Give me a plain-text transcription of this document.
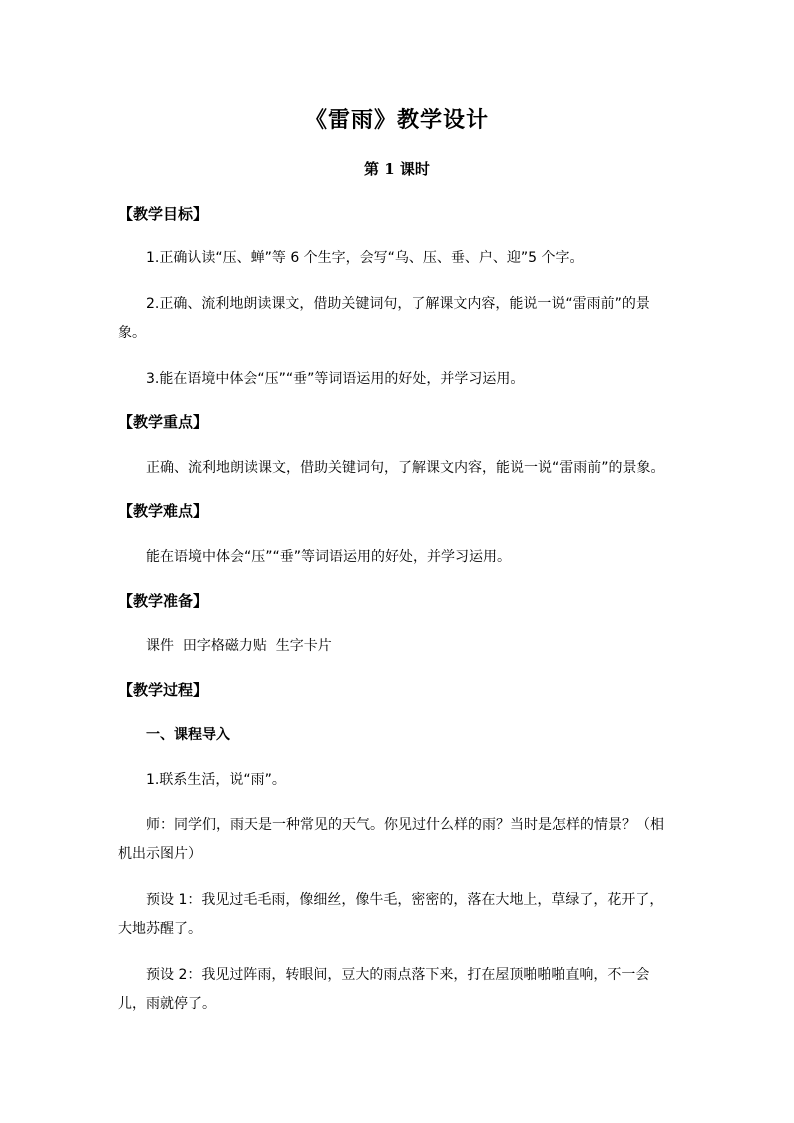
《雷雨》教学设计
第 1 课时
【教学目标】
1.正确认读“压、蝉”等 6 个生字，会写“乌、压、垂、户、迎”5 个字。
2.正确、流利地朗读课文，借助关键词句，了解课文内容，能说一说“雷雨前”的景
象。
3.能在语境中体会“压”“垂”等词语运用的好处，并学习运用。
【教学重点】
正确、流利地朗读课文，借助关键词句，了解课文内容，能说一说“雷雨前”的景象。
【教学难点】
能在语境中体会“压”“垂”等词语运用的好处，并学习运用。
【教学准备】
课件  田字格磁力贴  生字卡片
【教学过程】
一、课程导入
1.联系生活，说“雨”。
师：同学们，雨天是一种常见的天气。你见过什么样的雨？当时是怎样的情景？（相
机出示图片）
预设 1：我见过毛毛雨，像细丝，像牛毛，密密的，落在大地上，草绿了，花开了，
大地苏醒了。
预设 2：我见过阵雨，转眼间，豆大的雨点落下来，打在屋顶啪啪啪直响，不一会
儿，雨就停了。
